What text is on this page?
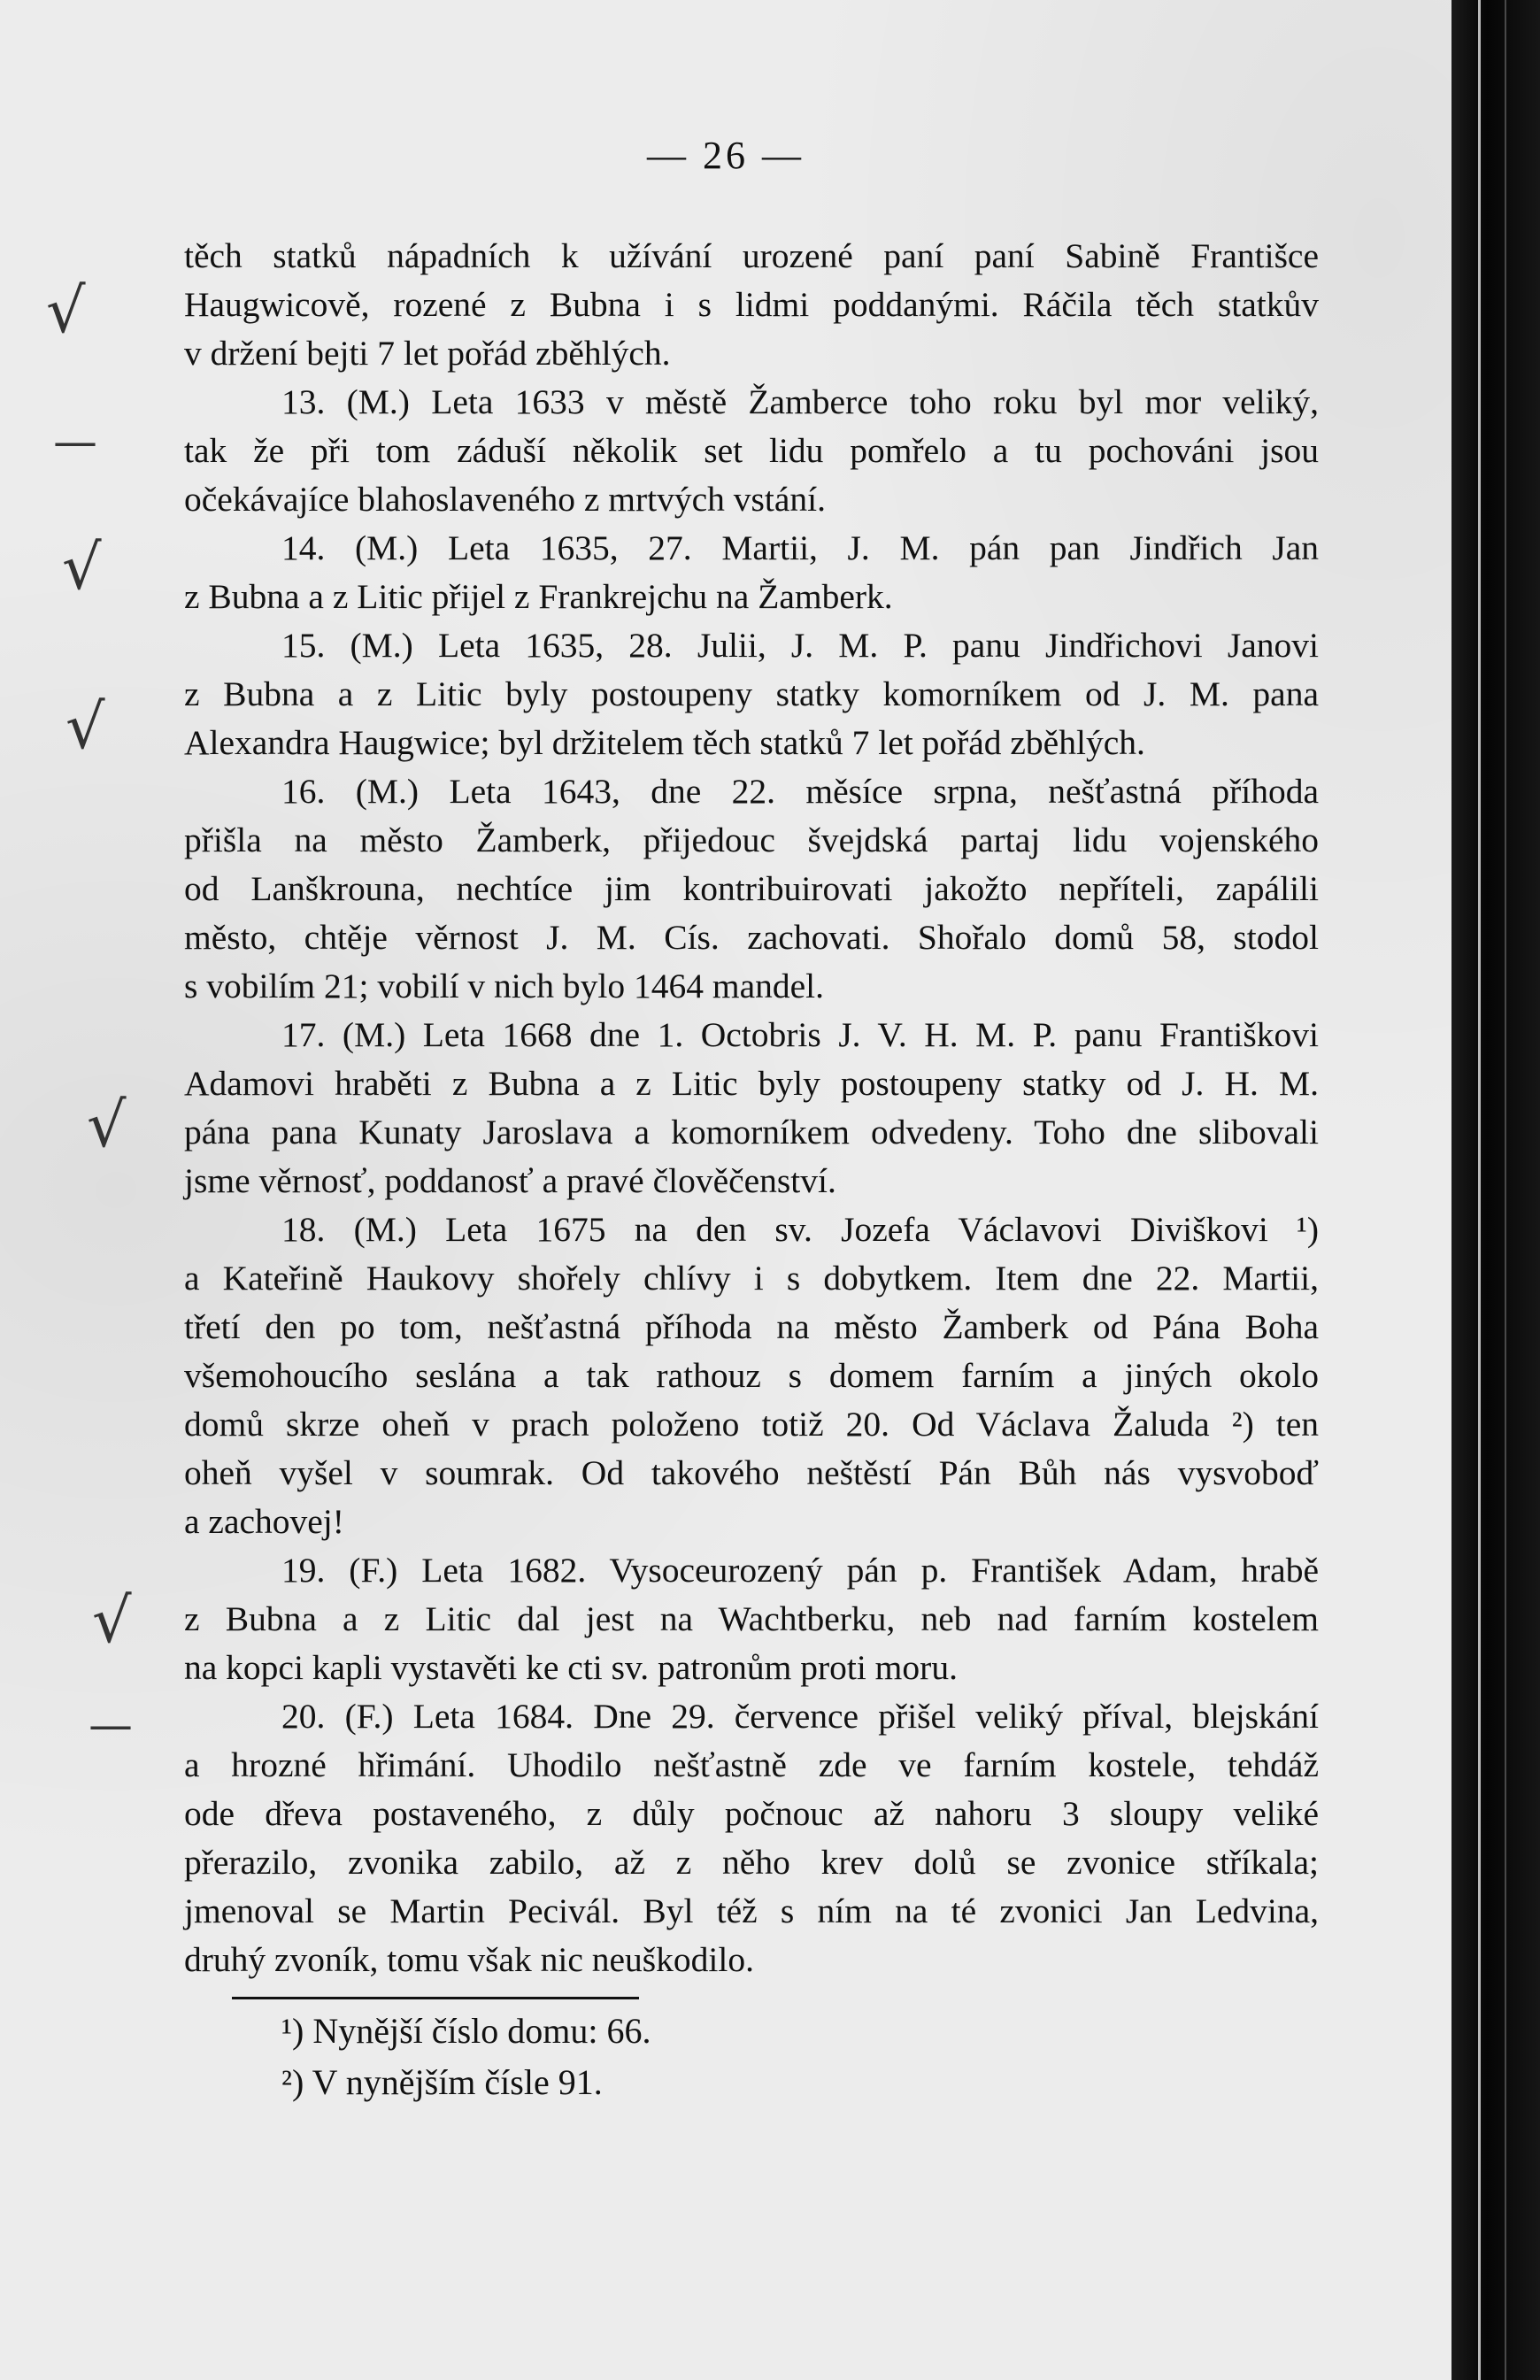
— 26 —
těch statků nápadních k užívání urozené paní paní Sabině Františce
Haugwicově, rozené z Bubna i s lidmi poddanými. Ráčila těch statkův
v držení bejti 7 let pořád zběhlých.
13. (M.) Leta 1633 v městě Žamberce toho roku byl mor veliký,
tak že při tom záduší několik set lidu pomřelo a tu pochováni jsou
očekávajíce blahoslaveného z mrtvých vstání.
14. (M.) Leta 1635, 27. Martii, J. M. pán pan Jindřich Jan
z Bubna a z Litic přijel z Frankrejchu na Žamberk.
15. (M.) Leta 1635, 28. Julii, J. M. P. panu Jindřichovi Janovi
z Bubna a z Litic byly postoupeny statky komorníkem od J. M. pana
Alexandra Haugwice; byl držitelem těch statků 7 let pořád zběhlých.
16. (M.) Leta 1643, dne 22. měsíce srpna, nešťastná příhoda
přišla na město Žamberk, přijedouc švejdská partaj lidu vojenského
od Lanškrouna, nechtíce jim kontribuirovati jakožto nepříteli, zapálili
město, chtěje věrnost J. M. Cís. zachovati. Shořalo domů 58, stodol
s vobilím 21; vobilí v nich bylo 1464 mandel.
17. (M.) Leta 1668 dne 1. Octobris J. V. H. M. P. panu Františkovi
Adamovi hraběti z Bubna a z Litic byly postoupeny statky od J. H. M.
pána pana Kunaty Jaroslava a komorníkem odvedeny. Toho dne slibovali
jsme věrnosť, poddanosť a pravé člověčenství.
18. (M.) Leta 1675 na den sv. Jozefa Václavovi Diviškovi ¹)
a Kateřině Haukovy shořely chlívy i s dobytkem. Item dne 22. Martii,
třetí den po tom, nešťastná příhoda na město Žamberk od Pána Boha
všemohoucího seslána a tak rathouz s domem farním a jiných okolo
domů skrze oheň v prach položeno totiž 20. Od Václava Žaluda ²) ten
oheň vyšel v soumrak. Od takového neštěstí Pán Bůh nás vysvoboď
a zachovej!
19. (F.) Leta 1682. Vysoceurozený pán p. František Adam, hrabě
z Bubna a z Litic dal jest na Wachtberku, neb nad farním kostelem
na kopci kapli vystavěti ke cti sv. patronům proti moru.
20. (F.) Leta 1684. Dne 29. července přišel veliký příval, blejskání
a hrozné hřimání. Uhodilo nešťastně zde ve farním kostele, tehdáž
ode dřeva postaveného, z důly počnouc až nahoru 3 sloupy veliké
přerazilo, zvonika zabilo, až z něho krev dolů se zvonice stříkala;
jmenoval se Martin Pecivál. Byl též s ním na té zvonici Jan Ledvina,
druhý zvoník, tomu však nic neuškodilo.
¹) Nynější číslo domu: 66.
²) V nynějším čísle 91.
√
—
√
√
√
√
—
